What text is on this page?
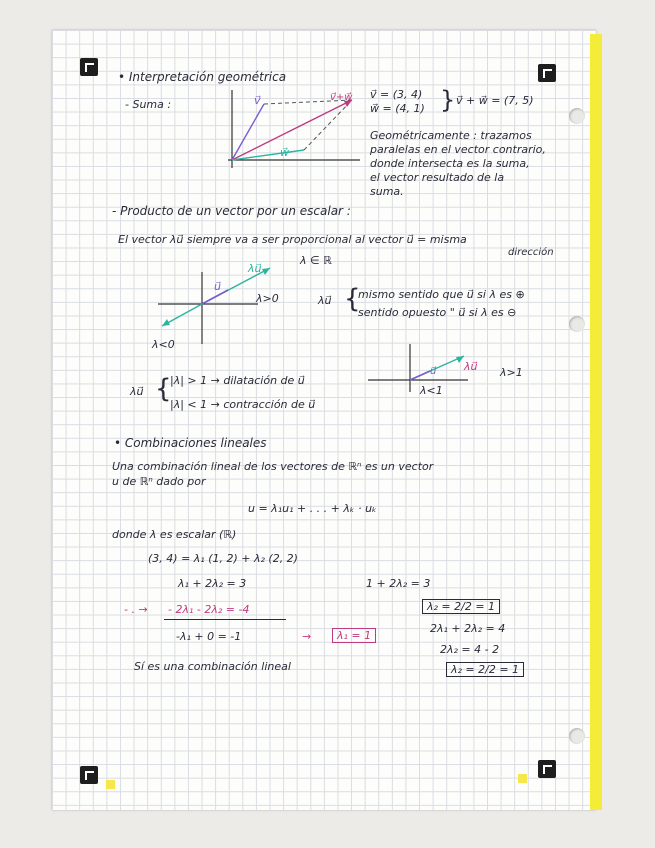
• Interpretación geométrica
- Suma :	v⃗
w⃗
v⃗+w⃗ v⃗ = (3, 4)
w⃗ = (4, 1) } v⃗ + w⃗ = (7, 5)
Geométricamente : trazamos
paralelas en el vector contrario,
donde intersecta es la suma,
el vector resultado de la
suma.
- Producto de un vector por un escalar :
El vector λu⃗ siempre va a ser proporcional al vector u⃗ = misma
dirección
λ ∈ ℝ
λu⃗
u⃗
λ>0
λ<0
λu⃗ {
mismo sentido que u⃗ si λ es ⊕
sentido opuesto " u⃗ si λ es ⊖
λu⃗
u⃗	λ>1
λ<1
λu⃗ {
|λ| > 1 → dilatación de u⃗
|λ| < 1 → contracción de u⃗
• Combinaciones lineales
Una combinación lineal de los vectores de ℝⁿ es un vector
u de ℝⁿ dado por
u = λ₁u₁ + . . . + λₖ · uₖ
donde λ es escalar (ℝ)
(3, 4) = λ₁ (1, 2) + λ₂ (2, 2)
λ₁ + 2λ₂ = 3
- . → - 2λ₁ - 2λ₂ = -4
-λ₁ + 0 = -1	→	λ₁ = 1
1 + 2λ₂ = 3
λ₂ = 2/2 = 1
2λ₁ + 2λ₂ = 4
2λ₂ = 4 - 2
λ₂ = 2/2 = 1
Sí es una combinación lineal
